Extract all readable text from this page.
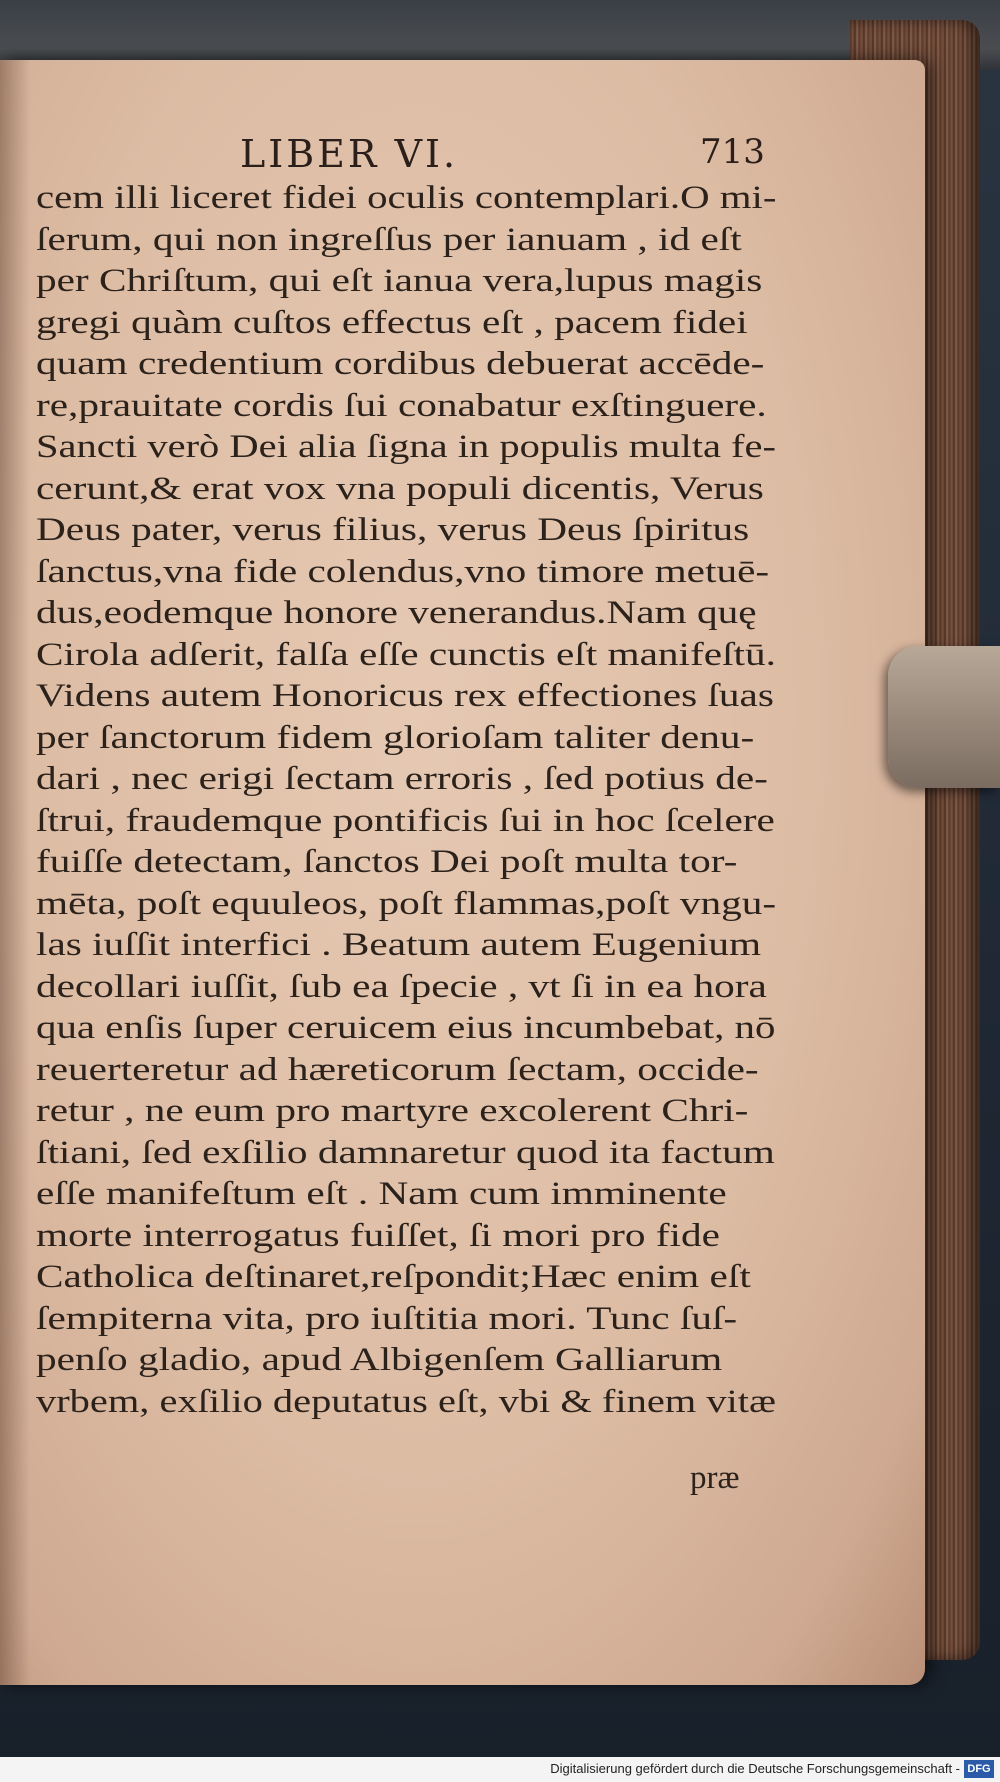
LIBER VI.	713
cem illi liceret fidei oculis contemplari.O mi-
ſerum, qui non ingreſſus per ianuam , id eſt
per Chriſtum, qui eſt ianua vera,lupus magis
gregi quàm cuſtos effectus eſt , pacem fidei
quam credentium cordibus debuerat accēde-
re,prauitate cordis ſui conabatur exſtinguere.
Sancti verò Dei alia ſigna in populis multa fe-
cerunt,& erat vox vna populi dicentis, Verus
Deus pater, verus filius, verus Deus ſpiritus
ſanctus,vna fide colendus,vno timore metuē-
dus,eodemque honore venerandus.Nam quę
Cirola adſerit, falſa eſſe cunctis eſt manifeſtū.
Videns autem Honoricus rex effectiones ſuas
per ſanctorum fidem glorioſam taliter denu-
dari , nec erigi ſectam erroris , ſed potius de-
ſtrui, fraudemque pontificis ſui in hoc ſcelere
fuiſſe detectam, ſanctos Dei poſt multa tor-
mēta, poſt equuleos, poſt flammas,poſt vngu-
las iuſſit interfici . Beatum autem Eugenium
decollari iuſſit, ſub ea ſpecie , vt ſi in ea hora
qua enſis ſuper ceruicem eius incumbebat, nō
reuerteretur ad hæreticorum ſectam, occide-
retur , ne eum pro martyre excolerent Chri-
ſtiani, ſed exſilio damnaretur quod ita factum
eſſe manifeſtum eſt . Nam cum imminente
morte interrogatus fuiſſet, ſi mori pro fide
Catholica deſtinaret,reſpondit;Hæc enim eſt
ſempiterna vita, pro iuſtitia mori. Tunc ſuſ-
penſo gladio, apud Albigenſem Galliarum
vrbem, exſilio deputatus eſt, vbi & finem vitæ
præ
Digitalisierung gefördert durch die Deutsche Forschungsgemeinschaft - DFG
